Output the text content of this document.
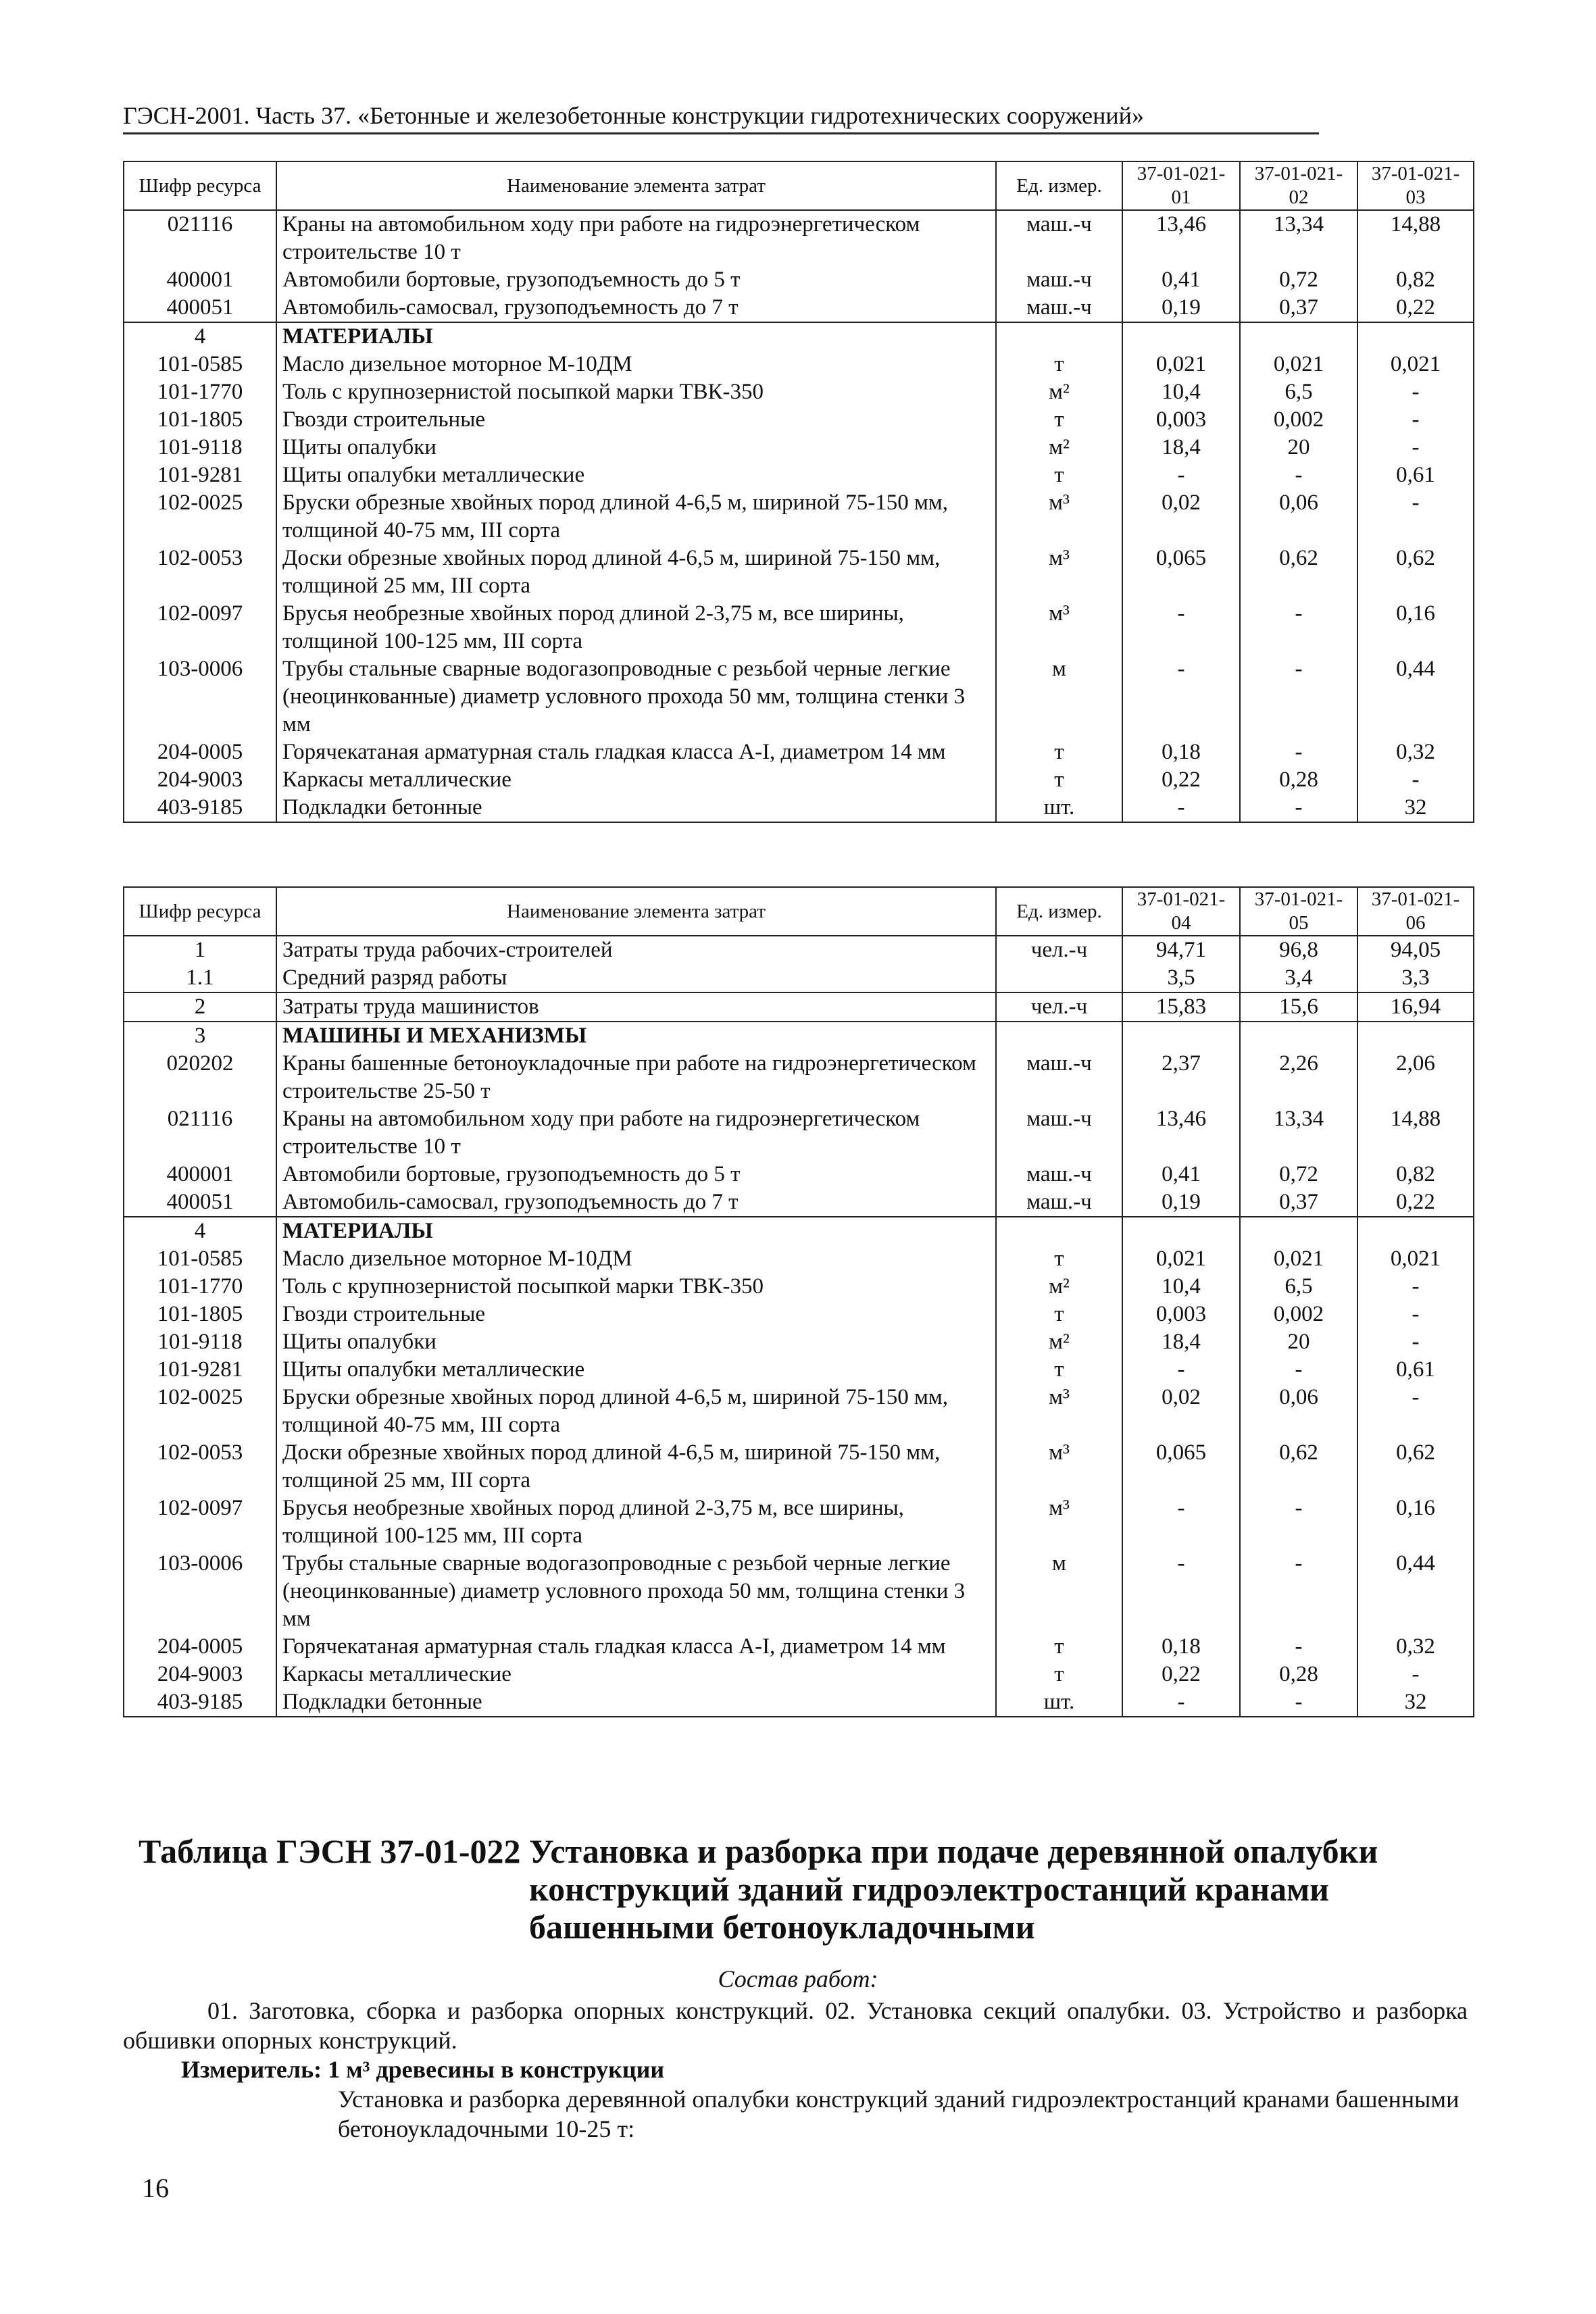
ГЭСН-2001. Часть 37. «Бетонные и железобетонные конструкции гидротехнических сооружений»
Шифр ресурса	Наименование элемента затрат	Ед. измер.	37-01-021-01	37-01-021-02	37-01-021-03
021116	Краны на автомобильном ходу при работе на гидроэнергетическом строительстве 10 т	маш.-ч	13,46	13,34	14,88
400001	Автомобили бортовые, грузоподъемность до 5 т	маш.-ч	0,41	0,72	0,82
400051	Автомобиль-самосвал, грузоподъемность до 7 т	маш.-ч	0,19	0,37	0,22
4	МАТЕРИАЛЫ				
101-0585	Масло дизельное моторное М-10ДМ	т	0,021	0,021	0,021
101-1770	Толь с крупнозернистой посыпкой марки ТВК-350	м²	10,4	6,5	-
101-1805	Гвозди строительные	т	0,003	0,002	-
101-9118	Щиты опалубки	м²	18,4	20	-
101-9281	Щиты опалубки металлические	т	-	-	0,61
102-0025	Бруски обрезные хвойных пород длиной 4-6,5 м, шириной 75-150 мм, толщиной 40-75 мм, III сорта	м³	0,02	0,06	-
102-0053	Доски обрезные хвойных пород длиной 4-6,5 м, шириной 75-150 мм, толщиной 25 мм, III сорта	м³	0,065	0,62	0,62
102-0097	Брусья необрезные хвойных пород длиной 2-3,75 м, все ширины, толщиной 100-125 мм, III сорта	м³	-	-	0,16
103-0006	Трубы стальные сварные водогазопроводные с резьбой черные легкие (неоцинкованные) диаметр условного прохода 50 мм, толщина стенки 3 мм	м	-	-	0,44
204-0005	Горячекатаная арматурная сталь гладкая класса А-I, диаметром 14 мм	т	0,18	-	0,32
204-9003	Каркасы металлические	т	0,22	0,28	-
403-9185	Подкладки бетонные	шт.	-	-	32
Шифр ресурса	Наименование элемента затрат	Ед. измер.	37-01-021-04	37-01-021-05	37-01-021-06
1	Затраты труда рабочих-строителей	чел.-ч	94,71	96,8	94,05
1.1	Средний разряд работы		3,5	3,4	3,3
2	Затраты труда машинистов	чел.-ч	15,83	15,6	16,94
3	МАШИНЫ И МЕХАНИЗМЫ				
020202	Краны башенные бетоноукладочные при работе на гидроэнергетическом строительстве 25-50 т	маш.-ч	2,37	2,26	2,06
021116	Краны на автомобильном ходу при работе на гидроэнергетическом строительстве 10 т	маш.-ч	13,46	13,34	14,88
400001	Автомобили бортовые, грузоподъемность до 5 т	маш.-ч	0,41	0,72	0,82
400051	Автомобиль-самосвал, грузоподъемность до 7 т	маш.-ч	0,19	0,37	0,22
4	МАТЕРИАЛЫ				
101-0585	Масло дизельное моторное М-10ДМ	т	0,021	0,021	0,021
101-1770	Толь с крупнозернистой посыпкой марки ТВК-350	м²	10,4	6,5	-
101-1805	Гвозди строительные	т	0,003	0,002	-
101-9118	Щиты опалубки	м²	18,4	20	-
101-9281	Щиты опалубки металлические	т	-	-	0,61
102-0025	Бруски обрезные хвойных пород длиной 4-6,5 м, шириной 75-150 мм, толщиной 40-75 мм, III сорта	м³	0,02	0,06	-
102-0053	Доски обрезные хвойных пород длиной 4-6,5 м, шириной 75-150 мм, толщиной 25 мм, III сорта	м³	0,065	0,62	0,62
102-0097	Брусья необрезные хвойных пород длиной 2-3,75 м, все ширины, толщиной 100-125 мм, III сорта	м³	-	-	0,16
103-0006	Трубы стальные сварные водогазопроводные с резьбой черные легкие (неоцинкованные) диаметр условного прохода 50 мм, толщина стенки 3 мм	м	-	-	0,44
204-0005	Горячекатаная арматурная сталь гладкая класса А-I, диаметром 14 мм	т	0,18	-	0,32
204-9003	Каркасы металлические	т	0,22	0,28	-
403-9185	Подкладки бетонные	шт.	-	-	32
Таблица ГЭСН 37-01-022 Установка и разборка при подаче деревянной опалубки
конструкций зданий гидроэлектростанций кранами
башенными бетоноукладочными
Состав работ:
01. Заготовка, сборка и разборка опорных конструкций. 02. Установка секций опалубки. 03. Устройство и разборка обшивки опорных конструкций.
Измеритель: 1 м³ древесины в конструкции
Установка и разборка деревянной опалубки конструкций зданий гидроэлектростанций кранами башенными бетоноукладочными 10-25 т:
16
